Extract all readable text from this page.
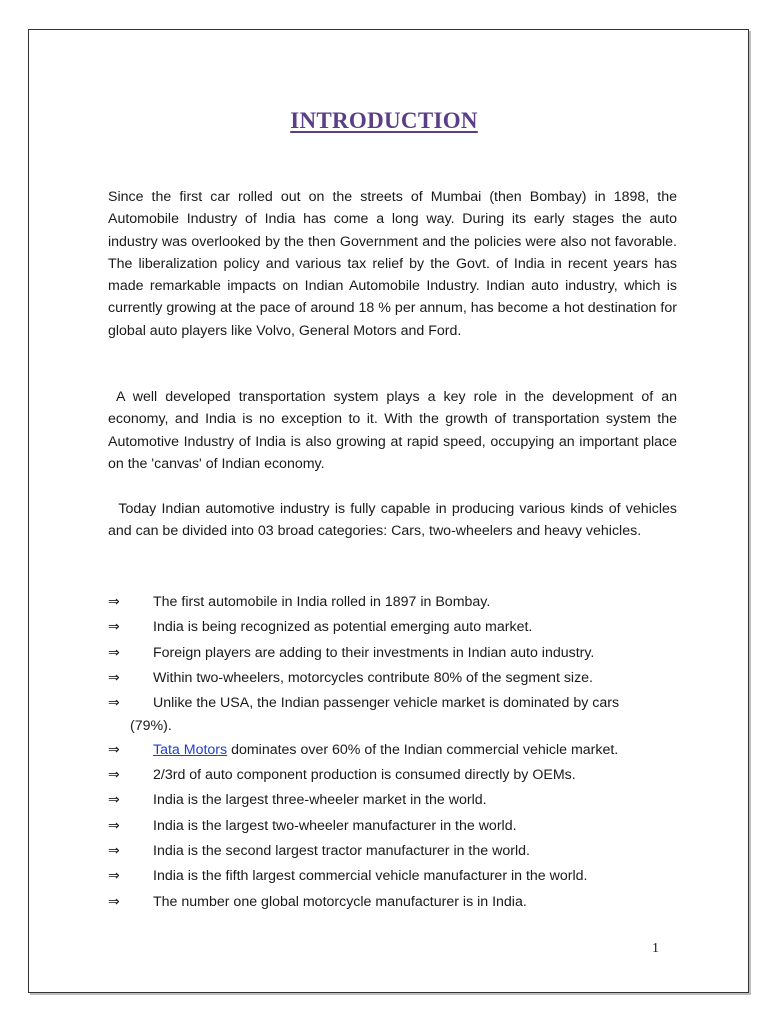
INTRODUCTION

Since the first car rolled out on the streets of Mumbai (then Bombay) in 1898, the Automobile Industry of India has come a long way. During its early stages the auto industry was overlooked by the then Government and the policies were also not favorable. The liberalization policy and various tax relief by the Govt. of India in recent years has made remarkable impacts on Indian Automobile Industry. Indian auto industry, which is currently growing at the pace of around 18 % per annum, has become a hot destination for global auto players like Volvo, General Motors and Ford.

A well developed transportation system plays a key role in the development of an economy, and India is no exception to it. With the growth of transportation system the Automotive Industry of India is also growing at rapid speed, occupying an important place on the 'canvas' of Indian economy.

Today Indian automotive industry is fully capable in producing various kinds of vehicles and can be divided into 03 broad categories: Cars, two-wheelers and heavy vehicles.

⇒ The first automobile in India rolled in 1897 in Bombay.
⇒ India is being recognized as potential emerging auto market.
⇒ Foreign players are adding to their investments in Indian auto industry.
⇒ Within two-wheelers, motorcycles contribute 80% of the segment size.
⇒ Unlike the USA, the Indian passenger vehicle market is dominated by cars
(79%).
⇒ Tata Motors dominates over 60% of the Indian commercial vehicle market.
⇒ 2/3rd of auto component production is consumed directly by OEMs.
⇒ India is the largest three-wheeler market in the world.
⇒ India is the largest two-wheeler manufacturer in the world.
⇒ India is the second largest tractor manufacturer in the world.
⇒ India is the fifth largest commercial vehicle manufacturer in the world.
⇒ The number one global motorcycle manufacturer is in India.

1
